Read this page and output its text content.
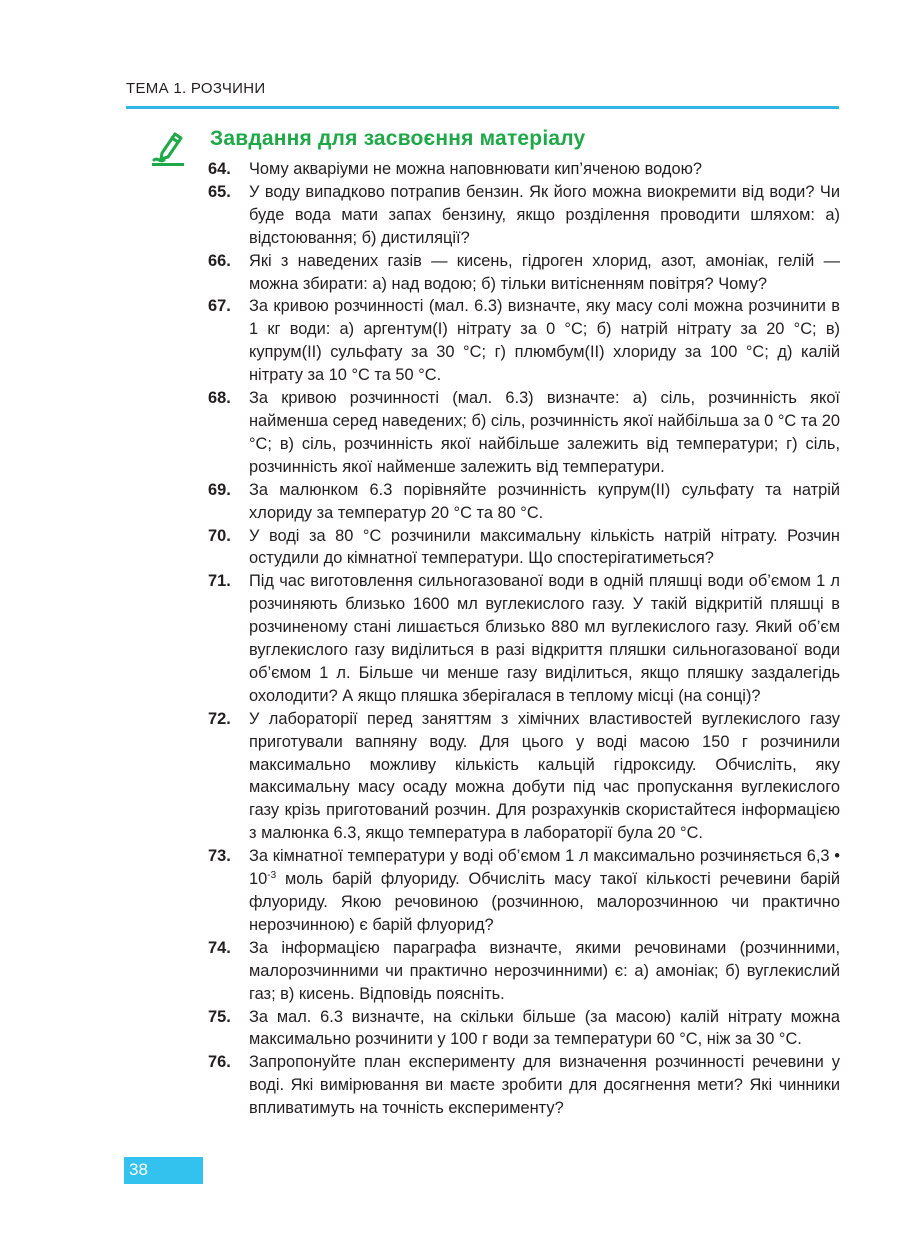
ТЕМА 1. РОЗЧИНИ
Завдання для засвоєння матеріалу
64. Чому акваріуми не можна наповнювати кип’яченою водою?
65. У воду випадково потрапив бензин. Як його можна виокремити від води? Чи буде вода мати запах бензину, якщо розділення проводити шляхом: а) відстоювання; б) дистиляції?
66. Які з наведених газів — кисень, гідроген хлорид, азот, амоніак, гелій — можна збирати: а) над водою; б) тільки витісненням повітря? Чому?
67. За кривою розчинності (мал. 6.3) визначте, яку масу солі можна розчинити в 1 кг води: а) аргентум(I) нітрату за 0 °С; б) натрій нітрату за 20 °С; в) купрум(II) сульфату за 30 °С; г) плюмбум(II) хлориду за 100 °С; д) калій нітрату за 10 °С та 50 °С.
68. За кривою розчинності (мал. 6.3) визначте: а) сіль, розчинність якої найменша серед наведених; б) сіль, розчинність якої найбільша за 0 °С та 20 °С; в) сіль, розчинність якої найбільше залежить від температури; г) сіль, розчинність якої найменше залежить від температури.
69. За малюнком 6.3 порівняйте розчинність купрум(II) сульфату та натрій хлориду за температур 20 °С та 80 °С.
70. У воді за 80 °С розчинили максимальну кількість натрій нітрату. Розчин остудили до кімнатної температури. Що спостерігатиметься?
71. Під час виготовлення сильногазованої води в одній пляшці води об’ємом 1 л розчиняють близько 1600 мл вуглекислого газу. У такій відкритій пляшці в розчиненому стані лишається близько 880 мл вуглекислого газу. Який об’єм вуглекислого газу виділиться в разі відкриття пляшки сильногазованої води об’ємом 1 л. Більше чи менше газу виділиться, якщо пляшку заздалегідь охолодити? А якщо пляшка зберігалася в теплому місці (на сонці)?
72. У лабораторії перед заняттям з хімічних властивостей вуглекислого газу приготували вапняну воду. Для цього у воді масою 150 г розчинили максимально можливу кількість кальцій гідроксиду. Обчисліть, яку максимальну масу осаду можна добути під час пропускання вуглекислого газу крізь приготований розчин. Для розрахунків скористайтеся інформацією з малюнка 6.3, якщо температура в лабораторії була 20 °С.
73. За кімнатної температури у воді об’ємом 1 л максимально розчиняється 6,3 • $10^{-3}$ моль барій флуориду. Обчисліть масу такої кількості речевини барій флуориду. Якою речовиною (розчинною, малорозчинною чи практично нерозчинною) є барій флуорид?
74. За інформацією параграфа визначте, якими речовинами (розчинними, малорозчинними чи практично нерозчинними) є: а) амоніак; б) вуглекислий газ; в) кисень. Відповідь поясніть.
75. За мал. 6.3 визначте, на скільки більше (за масою) калій нітрату можна максимально розчинити у 100 г води за температури 60 °С, ніж за 30 °С.
76. Запропонуйте план експерименту для визначення розчинності речевини у воді. Які вимірювання ви маєте зробити для досягнення мети? Які чинники впливатимуть на точність експерименту?
38
